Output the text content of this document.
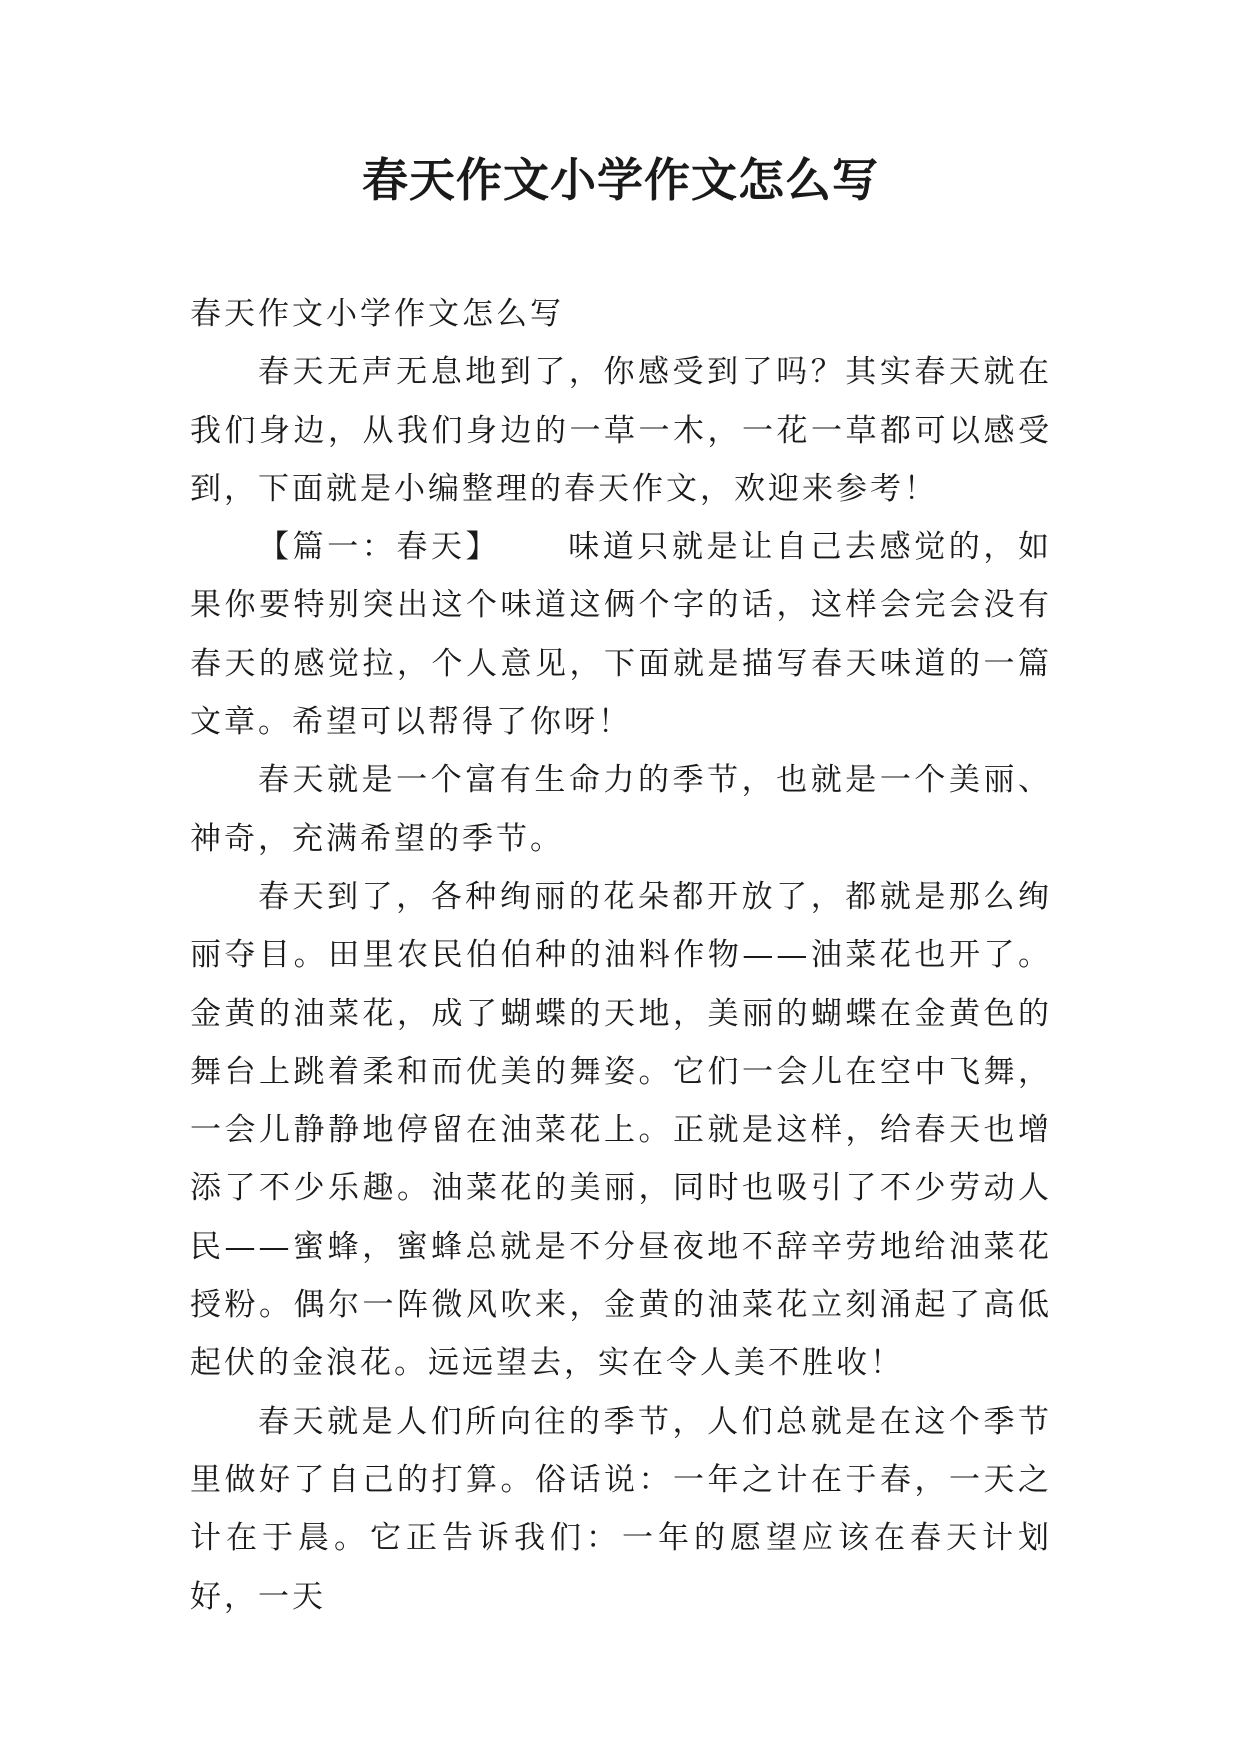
春天作文小学作文怎么写

春天作文小学作文怎么写

春天无声无息地到了，你感受到了吗？其实春天就在我们身边，从我们身边的一草一木，一花一草都可以感受到，下面就是小编整理的春天作文，欢迎来参考！

【篇一：春天】 味道只就是让自己去感觉的，如果你要特别突出这个味道这俩个字的话，这样会完会没有春天的感觉拉，个人意见，下面就是描写春天味道的一篇文章。希望可以帮得了你呀！

春天就是一个富有生命力的季节，也就是一个美丽、神奇，充满希望的季节。

春天到了，各种绚丽的花朵都开放了，都就是那么绚丽夺目。田里农民伯伯种的油料作物——油菜花也开了。金黄的油菜花，成了蝴蝶的天地，美丽的蝴蝶在金黄色的舞台上跳着柔和而优美的舞姿。它们一会儿在空中飞舞，一会儿静静地停留在油菜花上。正就是这样，给春天也增添了不少乐趣。油菜花的美丽，同时也吸引了不少劳动人民——蜜蜂，蜜蜂总就是不分昼夜地不辞辛劳地给油菜花授粉。偶尔一阵微风吹来，金黄的油菜花立刻涌起了高低起伏的金浪花。远远望去，实在令人美不胜收！

春天就是人们所向往的季节，人们总就是在这个季节里做好了自己的打算。俗话说：一年之计在于春，一天之计在于晨。它正告诉我们：一年的愿望应该在春天计划好，一天
